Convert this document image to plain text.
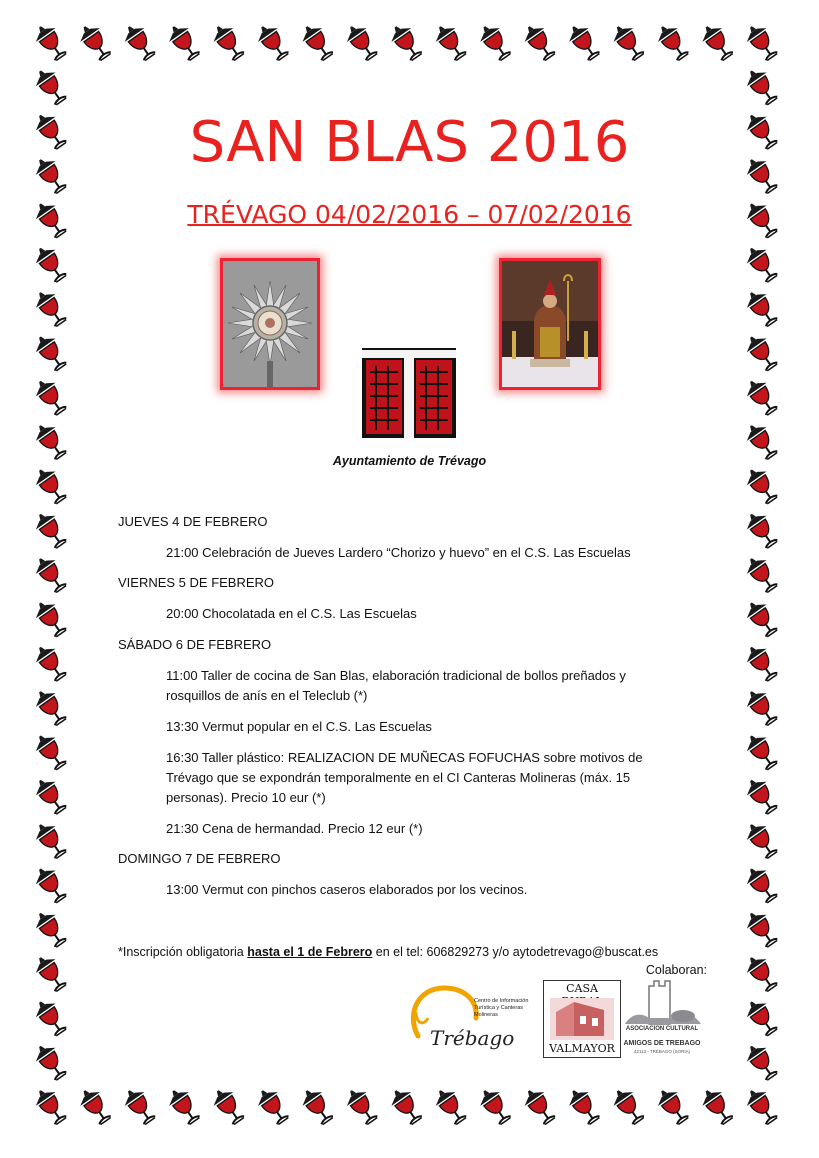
SAN BLAS 2016
TRÉVAGO 04/02/2016 – 07/02/2016
Ayuntamiento de Trévago
JUEVES 4 DE FEBRERO
21:00 Celebración de Jueves Lardero “Chorizo y huevo” en el C.S. Las Escuelas
VIERNES 5 DE FEBRERO
20:00 Chocolatada en el C.S. Las Escuelas
SÁBADO 6 DE FEBRERO
11:00 Taller de cocina de San Blas, elaboración tradicional de bollos preñados y rosquillos de anís en el Teleclub (*)
13:30 Vermut popular en el C.S. Las Escuelas
16:30 Taller plástico: REALIZACION DE MUÑECAS FOFUCHAS sobre motivos de Trévago que se expondrán temporalmente en el CI Canteras Molineras (máx. 15 personas). Precio 10 eur (*)
21:30 Cena de hermandad. Precio 12 eur (*)
DOMINGO 7 DE FEBRERO
13:00 Vermut con pinchos caseros elaborados por los vecinos.
*Inscripción obligatoria hasta el 1 de Febrero en el tel: 606829273 y/o aytodetrevago@buscat.es
Colaboran:
Centro de Información Turística y Canteras Molineras
Trébago
CASA
VALMAYOR
ASOCIACION CULTURAL
AMIGOS DE TREBAGO
42113 - TRÉBAGO (SORIA)
